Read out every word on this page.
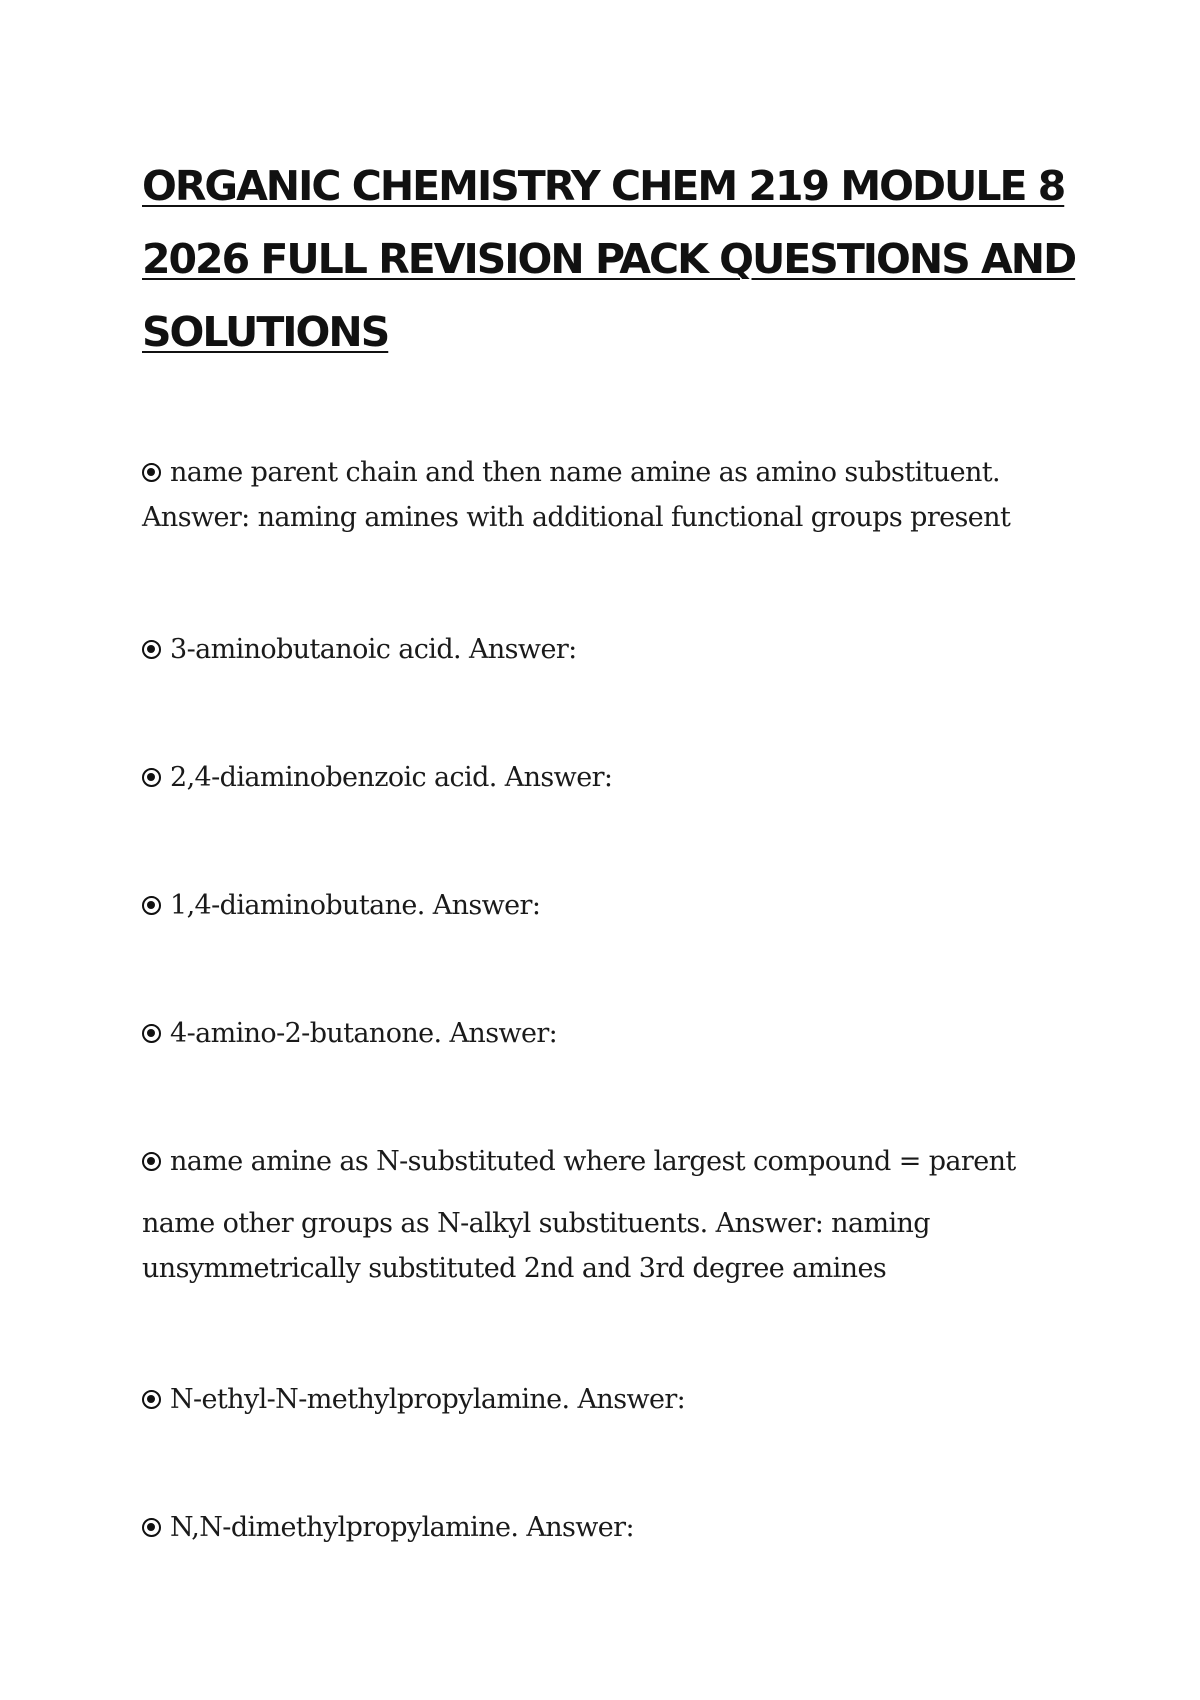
ORGANIC CHEMISTRY CHEM 219 MODULE 8
2026 FULL REVISION PACK QUESTIONS AND
SOLUTIONS
name parent chain and then name amine as amino substituent.
Answer: naming amines with additional functional groups present
3-aminobutanoic acid. Answer:
2,4-diaminobenzoic acid. Answer:
1,4-diaminobutane. Answer:
4-amino-2-butanone. Answer:
name amine as N-substituted where largest compound = parent
name other groups as N-alkyl substituents. Answer: naming
unsymmetrically substituted 2nd and 3rd degree amines
N-ethyl-N-methylpropylamine. Answer:
N,N-dimethylpropylamine. Answer:
